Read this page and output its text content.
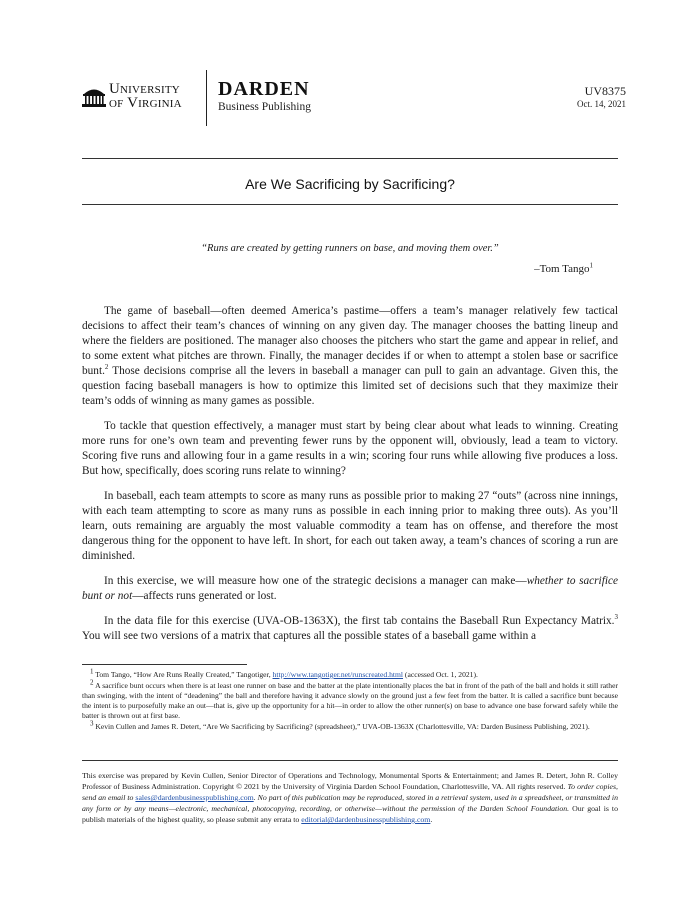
University
of Virginia
DARDEN
Business Publishing
UV8375
Oct. 14, 2021
Are We Sacrificing by Sacrificing?
“Runs are created by getting runners on base, and moving them over.”
–Tom Tango$^1$

The game of baseball—often deemed America’s pastime—offers a team’s manager relatively few tactical decisions to affect their team’s chances of winning on any given day. The manager chooses the batting lineup and where the fielders are positioned. The manager also chooses the pitchers who start the game and appear in relief, and to some extent what pitches are thrown. Finally, the manager decides if or when to attempt a stolen base or sacrifice bunt.$^2$ Those decisions comprise all the levers in baseball a manager can pull to gain an advantage. Given this, the question facing baseball managers is how to optimize this limited set of decisions such that they maximize their team’s odds of winning as many games as possible.

To tackle that question effectively, a manager must start by being clear about what leads to winning. Creating more runs for one’s own team and preventing fewer runs by the opponent will, obviously, lead a team to victory. Scoring five runs and allowing four in a game results in a win; scoring four runs while allowing five produces a loss. But how, specifically, does scoring runs relate to winning?

In baseball, each team attempts to score as many runs as possible prior to making 27 “outs” (across nine innings, with each team attempting to score as many runs as possible in each inning prior to making three outs). As you’ll learn, outs remaining are arguably the most valuable commodity a team has on offense, and therefore the most dangerous thing for the opponent to have left. In short, for each out taken away, a team’s chances of scoring a run are diminished.

In this exercise, we will measure how one of the strategic decisions a manager can make—whether to sacrifice bunt or not—affects runs generated or lost.

In the data file for this exercise (UVA-OB-1363X), the first tab contains the Baseball Run Expectancy Matrix.$^3$ You will see two versions of a matrix that captures all the possible states of a baseball game within a

$^1$ Tom Tango, “How Are Runs Really Created,” Tangotiger, http://www.tangotiger.net/runscreated.html (accessed Oct. 1, 2021).

$^2$ A sacrifice bunt occurs when there is at least one runner on base and the batter at the plate intentionally places the bat in front of the path of the ball and holds it still rather than swinging, with the intent of “deadening” the ball and therefore having it advance slowly on the ground just a few feet from the batter. It is called a sacrifice bunt because the intent is to purposefully make an out—that is, give up the opportunity for a hit—in order to allow the other runner(s) on base to advance one base forward safely while the batter is thrown out at first base.

$^3$ Kevin Cullen and James R. Detert, “Are We Sacrificing by Sacrificing? (spreadsheet),” UVA-OB-1363X (Charlottesville, VA: Darden Business Publishing, 2021).

This exercise was prepared by Kevin Cullen, Senior Director of Operations and Technology, Monumental Sports & Entertainment; and James R. Detert, John R. Colley Professor of Business Administration. Copyright © 2021 by the University of Virginia Darden School Foundation, Charlottesville, VA. All rights reserved. To order copies, send an email to sales@dardenbusinesspublishing.com. No part of this publication may be reproduced, stored in a retrieval system, used in a spreadsheet, or transmitted in any form or by any means—electronic, mechanical, photocopying, recording, or otherwise—without the permission of the Darden School Foundation. Our goal is to publish materials of the highest quality, so please submit any errata to editorial@dardenbusinesspublishing.com.
